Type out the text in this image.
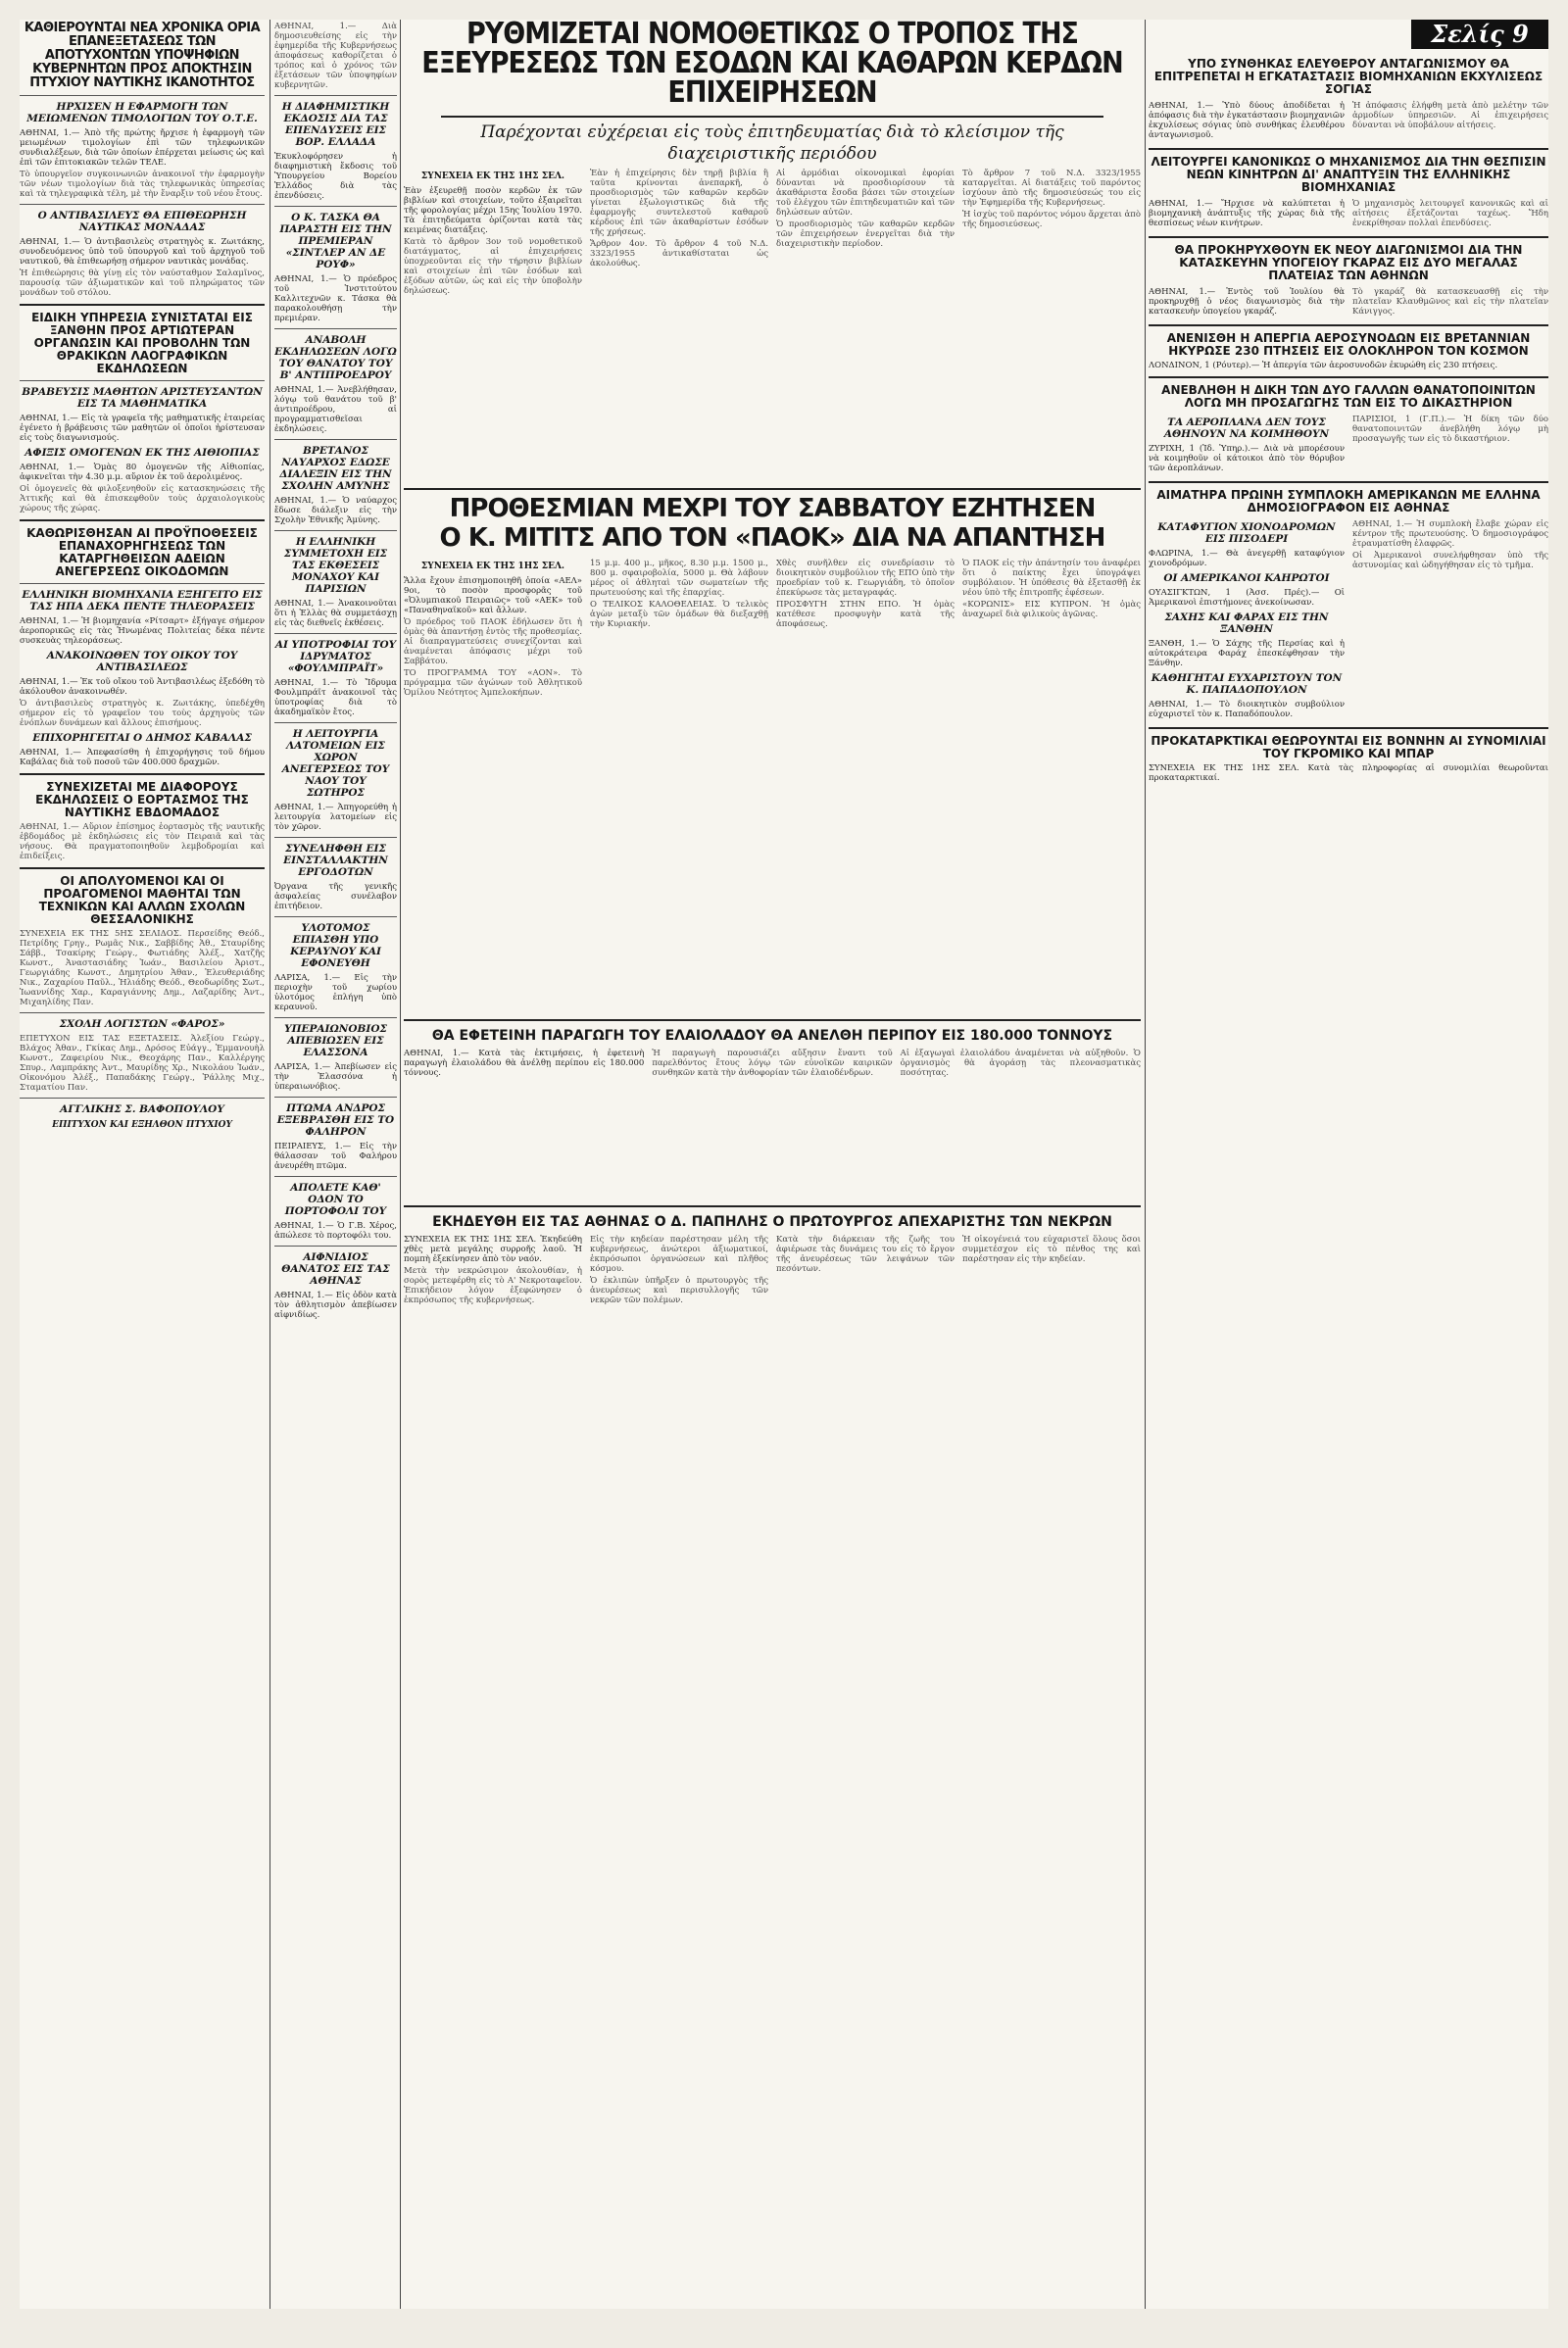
ΚΑΘΙΕΡΟΥΝΤΑΙ ΝΕΑ ΧΡΟΝΙΚΑ ΟΡΙΑ ΕΠΑΝΕΞΕΤΑΣΕΩΣ ΤΩΝ ΑΠΟΤΥΧΟΝΤΩΝ ΥΠΟΨΗΦΙΩΝ ΚΥΒΕΡΝΗΤΩΝ ΠΡΟΣ ΑΠΟΚΤΗΣΙΝ ΠΤΥΧΙΟΥ ΝΑΥΤΙΚΗΣ ΙΚΑΝΟΤΗΤΟΣ
ΗΡΧΙΣΕΝ Η ΕΦΑΡΜΟΓΗ ΤΩΝ ΜΕΙΩΜΕΝΩΝ ΤΙΜΟΛΟΓΙΩΝ ΤΟΥ Ο.Τ.Ε.
ΑΘΗΝΑΙ, 1.— Ἀπὸ τῆς πρώτης ἤρχισε ἡ ἐφαρμογὴ τῶν μειωμένων τιμολογίων ἐπὶ τῶν τηλεφωνικῶν συνδιαλέξεων, διὰ τῶν ὁποίων ἐπέρχεται μείωσις ὡς καὶ ἐπὶ τῶν ἐπιτοκιακῶν τελῶν ΤΕΛΕ.
Τὸ ὑπουργεῖον συγκοινωνιῶν ἀνακοινοῖ τὴν ἐφαρμογὴν τῶν νέων τιμολογίων διὰ τὰς τηλεφωνικὰς ὑπηρεσίας καὶ τὰ τηλεγραφικὰ τέλη, μὲ τὴν ἔναρξιν τοῦ νέου ἔτους.
Ο ΑΝΤΙΒΑΣΙΛΕΥΣ ΘΑ ΕΠΙΘΕΩΡΗΣΗ ΝΑΥΤΙΚΑΣ ΜΟΝΑΔΑΣ
ΑΘΗΝΑΙ, 1.— Ὁ ἀντιβασιλεὺς στρατηγὸς κ. Ζωιτάκης, συνοδευόμενος ὑπὸ τοῦ ὑπουργοῦ καὶ τοῦ ἀρχηγοῦ τοῦ ναυτικοῦ, θὰ ἐπιθεωρήσῃ σήμερον ναυτικὰς μονάδας.
Ἡ ἐπιθεώρησις θὰ γίνῃ εἰς τὸν ναύσταθμον Σαλαμῖνος, παρουσίᾳ τῶν ἀξιωματικῶν καὶ τοῦ πληρώματος τῶν μονάδων τοῦ στόλου.
ΕΙΔΙΚΗ ΥΠΗΡΕΣΙΑ ΣΥΝΙΣΤΑΤΑΙ ΕΙΣ ΞΑΝΘΗΝ ΠΡΟΣ ΑΡΤΙΩΤΕΡΑΝ ΟΡΓΑΝΩΣΙΝ ΚΑΙ ΠΡΟΒΟΛΗΝ ΤΩΝ ΘΡΑΚΙΚΩΝ ΛΑΟΓΡΑΦΙΚΩΝ ΕΚΔΗΛΩΣΕΩΝ
ΒΡΑΒΕΥΣΙΣ ΜΑΘΗΤΩΝ ΑΡΙΣΤΕΥΣΑΝΤΩΝ ΕΙΣ ΤΑ ΜΑΘΗΜΑΤΙΚΑ
ΑΘΗΝΑΙ, 1.— Εἰς τὰ γραφεῖα τῆς μαθηματικῆς ἑταιρείας ἐγένετο ἡ βράβευσις τῶν μαθητῶν οἱ ὁποῖοι ἠρίστευσαν εἰς τοὺς διαγωνισμούς.
ΑΦΙΞΙΣ ΟΜΟΓΕΝΩΝ ΕΚ ΤΗΣ ΑΙΘΙΟΠΙΑΣ
ΑΘΗΝΑΙ, 1.— Ὁμὰς 80 ὁμογενῶν τῆς Αἰθιοπίας, ἀφικνεῖται τὴν 4.30 μ.μ. αὔριον ἐκ τοῦ ἀερολιμένος.
Οἱ ὁμογενεῖς θὰ φιλοξενηθοῦν εἰς κατασκηνώσεις τῆς Ἀττικῆς καὶ θὰ ἐπισκεφθοῦν τοὺς ἀρχαιολογικοὺς χώρους τῆς χώρας.
ΚΑΘΩΡΙΣΘΗΣΑΝ ΑΙ ΠΡΟΫΠΟΘΕΣΕΙΣ ΕΠΑΝΑΧΟΡΗΓΗΣΕΩΣ ΤΩΝ ΚΑΤΑΡΓΗΘΕΙΣΩΝ ΑΔΕΙΩΝ ΑΝΕΓΕΡΣΕΩΣ ΟΙΚΟΔΟΜΩΝ
ΕΛΛΗΝΙΚΗ ΒΙΟΜΗΧΑΝΙΑ ΕΞΗΓΕΙΤΟ ΕΙΣ ΤΑΣ ΗΠΑ ΔΕΚΑ ΠΕΝΤΕ ΤΗΛΕΟΡΑΣΕΙΣ
ΑΘΗΝΑΙ, 1.— Ἡ βιομηχανία «Ρίτσαρτ» ἐξήγαγε σήμερον ἀεροπορικῶς εἰς τὰς Ἡνωμένας Πολιτείας δέκα πέντε συσκευὰς τηλεοράσεως.
ΑΝΑΚΟΙΝΩΘΕΝ ΤΟΥ ΟΙΚΟΥ ΤΟΥ ΑΝΤΙΒΑΣΙΛΕΩΣ
ΑΘΗΝΑΙ, 1.— Ἐκ τοῦ οἴκου τοῦ Ἀντιβασιλέως ἐξεδόθη τὸ ἀκόλουθον ἀνακοινωθέν.
Ὁ ἀντιβασιλεὺς στρατηγὸς κ. Ζωιτάκης, ὑπεδέχθη σήμερον εἰς τὸ γραφεῖον του τοὺς ἀρχηγοὺς τῶν ἐνόπλων δυνάμεων καὶ ἄλλους ἐπισήμους.
ΕΠΙΧΟΡΗΓΕΙΤΑΙ Ο ΔΗΜΟΣ ΚΑΒΑΛΑΣ
ΑΘΗΝΑΙ, 1.— Ἀπεφασίσθη ἡ ἐπιχορήγησις τοῦ δήμου Καβάλας διὰ τοῦ ποσοῦ τῶν 400.000 δραχμῶν.
ΣΥΝΕΧΙΖΕΤΑΙ ΜΕ ΔΙΑΦΟΡΟΥΣ ΕΚΔΗΛΩΣΕΙΣ Ο ΕΟΡΤΑΣΜΟΣ ΤΗΣ ΝΑΥΤΙΚΗΣ ΕΒΔΟΜΑΔΟΣ
ΑΘΗΝΑΙ, 1.— Αὔριον ἐπίσημος ἑορτασμὸς τῆς ναυτικῆς ἑβδομάδος μὲ ἐκδηλώσεις εἰς τὸν Πειραιᾶ καὶ τὰς νήσους. Θὰ πραγματοποιηθοῦν λεμβοδρομίαι καὶ ἐπιδείξεις.
ΟΙ ΑΠΟΛΥΟΜΕΝΟΙ ΚΑΙ ΟΙ ΠΡΟΑΓΟΜΕΝΟΙ ΜΑΘΗΤΑΙ ΤΩΝ ΤΕΧΝΙΚΩΝ ΚΑΙ ΑΛΛΩΝ ΣΧΟΛΩΝ ΘΕΣΣΑΛΟΝΙΚΗΣ
ΣΥΝΕΧΕΙΑ ΕΚ ΤΗΣ 5ΗΣ ΣΕΛΙΔΟΣ. Περσείδης Θεόδ., Πετρίδης Γρηγ., Ρωμᾶς Νικ., Σαββίδης Ἀθ., Σταυρίδης Σάββ., Τσακίρης Γεώργ., Φωτιάδης Ἀλέξ., Χατζῆς Κωνστ., Ἀναστασιάδης Ἰωάν., Βασιλείου Ἀριστ., Γεωργιάδης Κωνστ., Δημητρίου Ἀθαν., Ἐλευθεριάδης Νικ., Ζαχαρίου Παῦλ., Ἠλιάδης Θεόδ., Θεοδωρίδης Σωτ., Ἰωαννίδης Χαρ., Καραγιάννης Δημ., Λαζαρίδης Ἀντ., Μιχαηλίδης Παν.
ΣΧΟΛΗ ΛΟΓΙΣΤΩΝ «ΦΑΡΟΣ»
ΕΠΕΤΥΧΟΝ ΕΙΣ ΤΑΣ ΕΞΕΤΑΣΕΙΣ. Ἀλεξίου Γεώργ., Βλάχος Ἀθαν., Γκίκας Δημ., Δρόσος Εὐάγγ., Ἐμμανουὴλ Κωνστ., Ζαφειρίου Νικ., Θεοχάρης Παν., Καλλέργης Σπυρ., Λαμπράκης Ἀντ., Μαυρίδης Χρ., Νικολάου Ἰωάν., Οἰκονόμου Ἀλέξ., Παπαδάκης Γεώργ., Ῥάλλης Μιχ., Σταματίου Παν.
ΑΓΓΛΙΚΗΣ Σ. ΒΑΦΟΠΟΥΛΟΥ
ΕΠΙΤΥΧΟΝ ΚΑΙ ΕΞΗΛΘΟΝ ΠΤΥΧΙΟΥ
ΑΘΗΝΑΙ, 1.— Διὰ δημοσιευθείσης εἰς τὴν ἐφημερίδα τῆς Κυβερνήσεως ἀποφάσεως καθορίζεται ὁ τρόπος καὶ ὁ χρόνος τῶν ἐξετάσεων τῶν ὑποψηφίων κυβερνητῶν.
Η ΔΙΑΦΗΜΙΣΤΙΚΗ ΕΚΔΟΣΙΣ ΔΙΑ ΤΑΣ ΕΠΕΝΔΥΣΕΙΣ ΕΙΣ ΒΟΡ. ΕΛΛΑΔΑ
Ἐκυκλοφόρησεν ἡ διαφημιστικὴ ἔκδοσις τοῦ Ὑπουργείου Βορείου Ἑλλάδος διὰ τὰς ἐπενδύσεις.
Ο Κ. ΤΑΣΚΑ ΘΑ ΠΑΡΑΣΤΗ ΕΙΣ ΤΗΝ ΠΡΕΜΙΕΡΑΝ «ΣΙΝΤΛΕΡ ΑΝ ΔΕ ΡΟΥΦ»
ΑΘΗΝΑΙ, 1.— Ὁ πρόεδρος τοῦ Ἱνστιτούτου Καλλιτεχνῶν κ. Τάσκα θὰ παρακολουθήσῃ τὴν πρεμιέραν.
ΑΝΑΒΟΛΗ ΕΚΔΗΛΩΣΕΩΝ ΛΟΓΩ ΤΟΥ ΘΑΝΑΤΟΥ ΤΟΥ Β' ΑΝΤΙΠΡΟΕΔΡΟΥ
ΑΘΗΝΑΙ, 1.— Ἀνεβλήθησαν, λόγῳ τοῦ θανάτου τοῦ β' ἀντιπροέδρου, αἱ προγραμματισθεῖσαι ἐκδηλώσεις.
ΒΡΕΤΑΝΟΣ ΝΑΥΑΡΧΟΣ ΕΔΩΣΕ ΔΙΑΛΕΞΙΝ ΕΙΣ ΤΗΝ ΣΧΟΛΗΝ ΑΜΥΝΗΣ
ΑΘΗΝΑΙ, 1.— Ὁ ναύαρχος ἔδωσε διάλεξιν εἰς τὴν Σχολὴν Ἐθνικῆς Ἀμύνης.
Η ΕΛΛΗΝΙΚΗ ΣΥΜΜΕΤΟΧΗ ΕΙΣ ΤΑΣ ΕΚΘΕΣΕΙΣ ΜΟΝΑΧΟΥ ΚΑΙ ΠΑΡΙΣΙΩΝ
ΑΘΗΝΑΙ, 1.— Ἀνακοινοῦται ὅτι ἡ Ἑλλὰς θὰ συμμετάσχῃ εἰς τὰς διεθνεῖς ἐκθέσεις.
ΑΙ ΥΠΟΤΡΟΦΙΑΙ ΤΟΥ ΙΔΡΥΜΑΤΟΣ «ΦΟΥΛΜΠΡΑΪΤ»
ΑΘΗΝΑΙ, 1.— Τὸ Ἴδρυμα Φουλμπράϊτ ἀνακοινοῖ τὰς ὑποτροφίας διὰ τὸ ἀκαδημαϊκὸν ἔτος.
Η ΛΕΙΤΟΥΡΓΙΑ ΛΑΤΟΜΕΙΩΝ ΕΙΣ ΧΩΡΟΝ ΑΝΕΓΕΡΣΕΩΣ ΤΟΥ ΝΑΟΥ ΤΟΥ ΣΩΤΗΡΟΣ
ΑΘΗΝΑΙ, 1.— Ἀπηγορεύθη ἡ λειτουργία λατομείων εἰς τὸν χῶρον.
ΣΥΝΕΛΗΦΘΗ ΕΙΣ ΕΙΝΣΤΑΛΛΑΚΤΗΝ ΕΡΓΟΔΟΤΩΝ
Ὀργανα τῆς γενικῆς ἀσφαλείας συνέλαβον ἐπιτήδειον.
ΥΛΟΤΟΜΟΣ ΕΠΙΑΣΘΗ ΥΠΟ ΚΕΡΑΥΝΟΥ ΚΑΙ ΕΦΟΝΕΥΘΗ
ΛΑΡΙΣΑ, 1.— Εἰς τὴν περιοχὴν τοῦ χωρίου ὑλοτόμος ἐπλήγη ὑπὸ κεραυνοῦ.
ΥΠΕΡΑΙΩΝΟΒΙΟΣ ΑΠΕΒΙΩΣΕΝ ΕΙΣ ΕΛΑΣΣΟΝΑ
ΛΑΡΙΣΑ, 1.— Ἀπεβίωσεν εἰς τὴν Ἐλασσόνα ἡ ὑπεραιωνόβιος.
ΠΤΩΜΑ ΑΝΔΡΟΣ ΕΞΕΒΡΑΣΘΗ ΕΙΣ ΤΟ ΦΑΛΗΡΟΝ
ΠΕΙΡΑΙΕΥΣ, 1.— Εἰς τὴν θάλασσαν τοῦ Φαλήρου ἀνευρέθη πτῶμα.
ΑΠΟΛΕΤΕ ΚΑΘ' ΟΔΟΝ ΤΟ ΠΟΡΤΟΦΟΛΙ ΤΟΥ
ΑΘΗΝΑΙ, 1.— Ὁ Γ.Β. Χέρος, ἀπώλεσε τὸ πορτοφόλι του.
ΑΙΦΝΙΔΙΟΣ ΘΑΝΑΤΟΣ ΕΙΣ ΤΑΣ ΑΘΗΝΑΣ
ΑΘΗΝΑΙ, 1.— Εἰς ὁδὸν κατὰ τὸν ἀθλητισμὸν ἀπεβίωσεν αἰφνιδίως.
ΡΥΘΜΙΖΕΤΑΙ ΝΟΜΟΘΕΤΙΚΩΣ Ο ΤΡΟΠΟΣ ΤΗΣ ΕΞΕΥΡΕΣΕΩΣ ΤΩΝ ΕΣΟΔΩΝ ΚΑΙ ΚΑΘΑΡΩΝ ΚΕΡΔΩΝ ΕΠΙΧΕΙΡΗΣΕΩΝ
Παρέχονται εὐχέρειαι εἰς τοὺς ἐπιτηδευματίας διὰ τὸ κλείσιμον τῆς διαχειριστικῆς περιόδου
ΣΥΝΕΧΕΙΑ ΕΚ ΤΗΣ 1ΗΣ ΣΕΛ.
Ἐὰν ἐξευρεθῇ ποσὸν κερδῶν ἐκ τῶν βιβλίων καὶ στοιχείων, τοῦτο ἐξαιρεῖται τῆς φορολογίας μέχρι 15ης Ἰουλίου 1970. Τὰ ἐπιτηδεύματα ὁρίζονται κατὰ τὰς κειμένας διατάξεις.
Κατὰ τὸ ἄρθρον 3ον τοῦ νομοθετικοῦ διατάγματος, αἱ ἐπιχειρήσεις ὑποχρεοῦνται εἰς τὴν τήρησιν βιβλίων καὶ στοιχείων ἐπὶ τῶν ἐσόδων καὶ ἐξόδων αὐτῶν, ὡς καὶ εἰς τὴν ὑποβολὴν δηλώσεως.
Ἐὰν ἡ ἐπιχείρησις δὲν τηρῇ βιβλία ἢ ταῦτα κρίνονται ἀνεπαρκῆ, ὁ προσδιορισμὸς τῶν καθαρῶν κερδῶν γίνεται ἐξωλογιστικῶς διὰ τῆς ἐφαρμογῆς συντελεστοῦ καθαροῦ κέρδους ἐπὶ τῶν ἀκαθαρίστων ἐσόδων τῆς χρήσεως.
Ἄρθρον 4ον. Τὸ ἄρθρον 4 τοῦ Ν.Δ. 3323/1955 ἀντικαθίσταται ὡς ἀκολούθως.
Αἱ ἀρμόδιαι οἰκονομικαὶ ἐφορίαι δύνανται νὰ προσδιορίσουν τὰ ἀκαθάριστα ἔσοδα βάσει τῶν στοιχείων τοῦ ἐλέγχου τῶν ἐπιτηδευματιῶν καὶ τῶν δηλώσεων αὐτῶν.
Ὁ προσδιορισμὸς τῶν καθαρῶν κερδῶν τῶν ἐπιχειρήσεων ἐνεργεῖται διὰ τὴν διαχειριστικὴν περίοδον.
Τὸ ἄρθρον 7 τοῦ Ν.Δ. 3323/1955 καταργεῖται. Αἱ διατάξεις τοῦ παρόντος ἰσχύουν ἀπὸ τῆς δημοσιεύσεώς του εἰς τὴν Ἐφημερίδα τῆς Κυβερνήσεως.
Ἡ ἰσχὺς τοῦ παρόντος νόμου ἄρχεται ἀπὸ τῆς δημοσιεύσεως.
ΠΡΟΘΕΣΜΙΑΝ ΜΕΧΡΙ ΤΟΥ ΣΑΒΒΑΤΟΥ ΕΖΗΤΗΣΕΝ
Ο Κ. ΜΙΤΙΤΣ ΑΠΟ ΤΟΝ «ΠΑΟΚ» ΔΙΑ ΝΑ ΑΠΑΝΤΗΣΗ
ΣΥΝΕΧΕΙΑ ΕΚ ΤΗΣ 1ΗΣ ΣΕΛ.
Ἄλλα ἔχουν ἐπισημοποιηθῆ ὁποία «ΑΕΛ» 9οι, τὸ ποσὸν προσφορᾶς τοῦ «Ὀλυμπιακοῦ Πειραιῶς» τοῦ «ΑΕΚ» τοῦ «Παναθηναϊκοῦ» καὶ ἄλλων.
Ὁ πρόεδρος τοῦ ΠΑΟΚ ἐδήλωσεν ὅτι ἡ ὁμὰς θὰ ἀπαντήσῃ ἐντὸς τῆς προθεσμίας. Αἱ διαπραγματεύσεις συνεχίζονται καὶ ἀναμένεται ἀπόφασις μέχρι τοῦ Σαββάτου.
ΤΟ ΠΡΟΓΡΑΜΜΑ ΤΟΥ «ΑΟΝ». Τὸ πρόγραμμα τῶν ἀγώνων τοῦ Ἀθλητικοῦ Ὁμίλου Νεότητος Ἀμπελοκήπων.
15 μ.μ. 400 μ., μῆκος, 8.30 μ.μ. 1500 μ., 800 μ. σφαιροβολία, 5000 μ. Θὰ λάβουν μέρος οἱ ἀθληταὶ τῶν σωματείων τῆς πρωτευούσης καὶ τῆς ἐπαρχίας.
Ο ΤΕΛΙΚΟΣ ΚΑΛΟΘΕΛΕΙΑΣ. Ὁ τελικὸς ἀγὼν μεταξὺ τῶν ὁμάδων θὰ διεξαχθῇ τὴν Κυριακήν.
Χθὲς συνῆλθεν εἰς συνεδρίασιν τὸ διοικητικὸν συμβούλιον τῆς ΕΠΟ ὑπὸ τὴν προεδρίαν τοῦ κ. Γεωργιάδη, τὸ ὁποῖον ἐπεκύρωσε τὰς μεταγραφάς.
ΠΡΟΣΦΥΓΗ ΣΤΗΝ ΕΠΟ. Ἡ ὁμὰς κατέθεσε προσφυγὴν κατὰ τῆς ἀποφάσεως.
Ὁ ΠΑΟΚ εἰς τὴν ἀπάντησίν του ἀναφέρει ὅτι ὁ παίκτης ἔχει ὑπογράψει συμβόλαιον. Ἡ ὑπόθεσις θὰ ἐξετασθῇ ἐκ νέου ὑπὸ τῆς ἐπιτροπῆς ἐφέσεων.
«ΚΟΡΩΝΙΣ» ΕΙΣ ΚΥΠΡΟΝ. Ἡ ὁμὰς ἀναχωρεῖ διὰ φιλικοὺς ἀγῶνας.
ΘΑ ΕΦΕΤΕΙΝΗ ΠΑΡΑΓΩΓΗ ΤΟΥ ΕΛΑΙΟΛΑΔΟΥ ΘΑ ΑΝΕΛΘΗ ΠΕΡΙΠΟΥ ΕΙΣ 180.000 ΤΟΝΝΟΥΣ
ΑΘΗΝΑΙ, 1.— Κατὰ τὰς ἐκτιμήσεις, ἡ ἐφετεινὴ παραγωγὴ ἐλαιολάδου θὰ ἀνέλθῃ περίπου εἰς 180.000 τόννους.
Ἡ παραγωγὴ παρουσιάζει αὔξησιν ἔναντι τοῦ παρελθόντος ἔτους λόγῳ τῶν εὐνοϊκῶν καιρικῶν συνθηκῶν κατὰ τὴν ἀνθοφορίαν τῶν ἐλαιοδένδρων.
Αἱ ἐξαγωγαὶ ἐλαιολάδου ἀναμένεται νὰ αὐξηθοῦν. Ὁ ὀργανισμὸς θὰ ἀγοράσῃ τὰς πλεονασματικὰς ποσότητας.
ΕΚΗΔΕΥΘΗ ΕΙΣ ΤΑΣ ΑΘΗΝΑΣ Ο Δ. ΠΑΠΗΛΗΣ Ο ΠΡΩΤΟΥΡΓΟΣ ΑΠΕΧΑΡΙΣΤΗΣ ΤΩΝ ΝΕΚΡΩΝ
ΣΥΝΕΧΕΙΑ ΕΚ ΤΗΣ 1ΗΣ ΣΕΛ. Ἐκηδεύθη χθὲς μετὰ μεγάλης συρροῆς λαοῦ. Ἡ πομπὴ ἐξεκίνησεν ἀπὸ τὸν ναόν.
Μετὰ τὴν νεκρώσιμον ἀκολουθίαν, ἡ σορὸς μετεφέρθη εἰς τὸ Α' Νεκροταφεῖον. Ἐπικήδειον λόγον ἐξεφώνησεν ὁ ἐκπρόσωπος τῆς κυβερνήσεως.
Εἰς τὴν κηδείαν παρέστησαν μέλη τῆς κυβερνήσεως, ἀνώτεροι ἀξιωματικοί, ἐκπρόσωποι ὀργανώσεων καὶ πλῆθος κόσμου.
Ὁ ἐκλιπὼν ὑπῆρξεν ὁ πρωτουργὸς τῆς ἀνευρέσεως καὶ περισυλλογῆς τῶν νεκρῶν τῶν πολέμων.
Κατὰ τὴν διάρκειαν τῆς ζωῆς του ἀφιέρωσε τὰς δυνάμεις του εἰς τὸ ἔργον τῆς ἀνευρέσεως τῶν λειψάνων τῶν πεσόντων.
Ἡ οἰκογένειά του εὐχαριστεῖ ὅλους ὅσοι συμμετέσχον εἰς τὸ πένθος της καὶ παρέστησαν εἰς τὴν κηδείαν.
Σελίς 9
ΥΠΟ ΣΥΝΘΗΚΑΣ ΕΛΕΥΘΕΡΟΥ ΑΝΤΑΓΩΝΙΣΜΟΥ ΘΑ ΕΠΙΤΡΕΠΕΤΑΙ Η ΕΓΚΑΤΑΣΤΑΣΙΣ ΒΙΟΜΗΧΑΝΙΩΝ ΕΚΧΥΛΙΣΕΩΣ ΣΟΓΙΑΣ
ΑΘΗΝΑΙ, 1.— Ὑπὸ δύους ἀποδίδεται ἡ ἀπόφασις διὰ τὴν ἐγκατάστασιν βιομηχανιῶν ἐκχυλίσεως σόγιας ὑπὸ συνθήκας ἐλευθέρου ἀνταγωνισμοῦ.
Ἡ ἀπόφασις ἐλήφθη μετὰ ἀπὸ μελέτην τῶν ἀρμοδίων ὑπηρεσιῶν. Αἱ ἐπιχειρήσεις δύνανται νὰ ὑποβάλουν αἰτήσεις.
ΛΕΙΤΟΥΡΓΕΙ ΚΑΝΟΝΙΚΩΣ Ο ΜΗΧΑΝΙΣΜΟΣ ΔΙΑ ΤΗΝ ΘΕΣΠΙΣΙΝ ΝΕΩΝ ΚΙΝΗΤΡΩΝ ΔΙ' ΑΝΑΠΤΥΞΙΝ ΤΗΣ ΕΛΛΗΝΙΚΗΣ ΒΙΟΜΗΧΑΝΙΑΣ
ΑΘΗΝΑΙ, 1.— Ἤρχισε νὰ καλύπτεται ἡ βιομηχανικὴ ἀνάπτυξις τῆς χώρας διὰ τῆς θεσπίσεως νέων κινήτρων.
Ὁ μηχανισμὸς λειτουργεῖ κανονικῶς καὶ αἱ αἰτήσεις ἐξετάζονται ταχέως. Ἤδη ἐνεκρίθησαν πολλαὶ ἐπενδύσεις.
ΘΑ ΠΡΟΚΗΡΥΧΘΟΥΝ ΕΚ ΝΕΟΥ ΔΙΑΓΩΝΙΣΜΟΙ ΔΙΑ ΤΗΝ ΚΑΤΑΣΚΕΥΗΝ ΥΠΟΓΕΙΟΥ ΓΚΑΡΑΖ ΕΙΣ ΔΥΟ ΜΕΓΑΛΑΣ ΠΛΑΤΕΙΑΣ ΤΩΝ ΑΘΗΝΩΝ
ΑΘΗΝΑΙ, 1.— Ἐντὸς τοῦ Ἰουλίου θὰ προκηρυχθῇ ὁ νέος διαγωνισμὸς διὰ τὴν κατασκευὴν ὑπογείου γκαράζ.
Τὸ γκαράζ θὰ κατασκευασθῇ εἰς τὴν πλατεῖαν Κλαυθμῶνος καὶ εἰς τὴν πλατεῖαν Κάνιγγος.
ΑΝΕΝΙΣΘΗ Η ΑΠΕΡΓΙΑ ΑΕΡΟΣΥΝΟΔΩΝ ΕΙΣ ΒΡΕΤΑΝΝΙΑΝ ΗΚΥΡΩΣΕ 230 ΠΤΗΣΕΙΣ ΕΙΣ ΟΛΟΚΛΗΡΟΝ ΤΟΝ ΚΟΣΜΟΝ
ΛΟΝΔΙΝΟΝ, 1 (Ρόυτερ).— Ἡ ἀπεργία τῶν ἀεροσυνοδῶν ἐκυρώθη εἰς 230 πτήσεις.
ΑΝΕΒΛΗΘΗ Η ΔΙΚΗ ΤΩΝ ΔΥΟ ΓΑΛΛΩΝ ΘΑΝΑΤΟΠΟΙΝΙΤΩΝ ΛΟΓΩ ΜΗ ΠΡΟΣΑΓΩΓΗΣ ΤΩΝ ΕΙΣ ΤΟ ΔΙΚΑΣΤΗΡΙΟΝ
ΤΑ ΑΕΡΟΠΛΑΝΑ ΔΕΝ ΤΟΥΣ ΑΘΗΝΟΥΝ ΝΑ ΚΟΙΜΗΘΟΥΝ
ΖΥΡΙΧΗ, 1 (Ἰδ. Ὑπηρ.).— Διὰ νὰ μπορέσουν νὰ κοιμηθοῦν οἱ κάτοικοι ἀπὸ τὸν θόρυβον τῶν ἀεροπλάνων.
ΠΑΡΙΣΙΟΙ, 1 (Γ.Π.).— Ἡ δίκη τῶν δύο θανατοποινιτῶν ἀνεβλήθη λόγῳ μὴ προσαγωγῆς των εἰς τὸ δικαστήριον.
ΑΙΜΑΤΗΡΑ ΠΡΩΙΝΗ ΣΥΜΠΛΟΚΗ ΑΜΕΡΙΚΑΝΩΝ ΜΕ ΕΛΛΗΝΑ ΔΗΜΟΣΙΟΓΡΑΦΟΝ ΕΙΣ ΑΘΗΝΑΣ
ΚΑΤΑΦΥΓΙΟΝ ΧΙΟΝΟΔΡΟΜΩΝ ΕΙΣ ΠΙΣΟΔΕΡΙ
ΦΛΩΡΙΝΑ, 1.— Θὰ ἀνεγερθῇ καταφύγιον χιονοδρόμων.
ΟΙ ΑΜΕΡΙΚΑΝΟΙ ΚΑΗΡΩΤΟΙ
ΟΥΑΣΙΓΚΤΩΝ, 1 (Ἀσσ. Πρές).— Οἱ Ἀμερικανοὶ ἐπιστήμονες ἀνεκοίνωσαν.
ΣΑΧΗΣ ΚΑΙ ΦΑΡΑΧ ΕΙΣ ΤΗΝ ΞΑΝΘΗΝ
ΞΑΝΘΗ, 1.— Ὁ Σάχης τῆς Περσίας καὶ ἡ αὐτοκράτειρα Φαράχ ἐπεσκέφθησαν τὴν Ξάνθην.
ΚΑΘΗΓΗΤΑΙ ΕΥΧΑΡΙΣΤΟΥΝ ΤΟΝ Κ. ΠΑΠΑΔΟΠΟΥΛΟΝ
ΑΘΗΝΑΙ, 1.— Τὸ διοικητικὸν συμβούλιον εὐχαριστεῖ τὸν κ. Παπαδόπουλον.
ΑΘΗΝΑΙ, 1.— Ἡ συμπλοκὴ ἔλαβε χώραν εἰς κέντρον τῆς πρωτευούσης. Ὁ δημοσιογράφος ἐτραυματίσθη ἐλαφρῶς.
Οἱ Ἀμερικανοὶ συνελήφθησαν ὑπὸ τῆς ἀστυνομίας καὶ ὡδηγήθησαν εἰς τὸ τμῆμα.
ΠΡΟΚΑΤΑΡΚΤΙΚΑΙ ΘΕΩΡΟΥΝΤΑΙ ΕΙΣ ΒΟΝΝΗΝ ΑΙ ΣΥΝΟΜΙΛΙΑΙ ΤΟΥ ΓΚΡΟΜΙΚΟ ΚΑΙ ΜΠΑΡ
ΣΥΝΕΧΕΙΑ ΕΚ ΤΗΣ 1ΗΣ ΣΕΛ. Κατὰ τὰς πληροφορίας αἱ συνομιλίαι θεωροῦνται προκαταρκτικαί.
